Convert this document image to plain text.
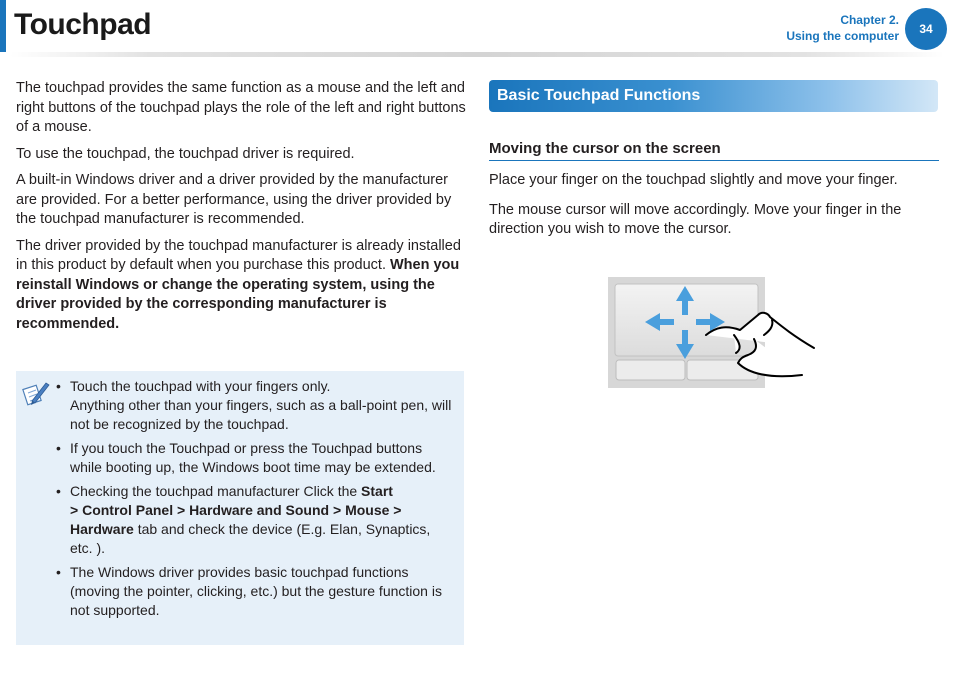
Touchpad	Chapter 2.
Using the computer	34

The touchpad provides the same function as a mouse and the left and right buttons of the touchpad plays the role of the left and right buttons of a mouse.

To use the touchpad, the touchpad driver is required.

A built-in Windows driver and a driver provided by the manufacturer are provided. For a better performance, using the driver provided by the touchpad manufacturer is recommended.

The driver provided by the touchpad manufacturer is already installed in this product by default when you purchase this product. When you reinstall Windows or change the operating system, using the driver provided by the corresponding manufacturer is recommended.

• Touch the touchpad with your fingers only.
Anything other than your fingers, such as a ball-point pen, will not be recognized by the touchpad.
• If you touch the Touchpad or press the Touchpad buttons while booting up, the Windows boot time may be extended.
• Checking the touchpad manufacturer Click the Start
> Control Panel > Hardware and Sound > Mouse > Hardware tab and check the device (E.g. Elan, Synaptics, etc. ).
• The Windows driver provides basic touchpad functions (moving the pointer, clicking, etc.) but the gesture function is not supported.
Basic Touchpad Functions
Moving the cursor on the screen

Place your finger on the touchpad slightly and move your finger.

The mouse cursor will move accordingly. Move your finger in the direction you wish to move the cursor.
